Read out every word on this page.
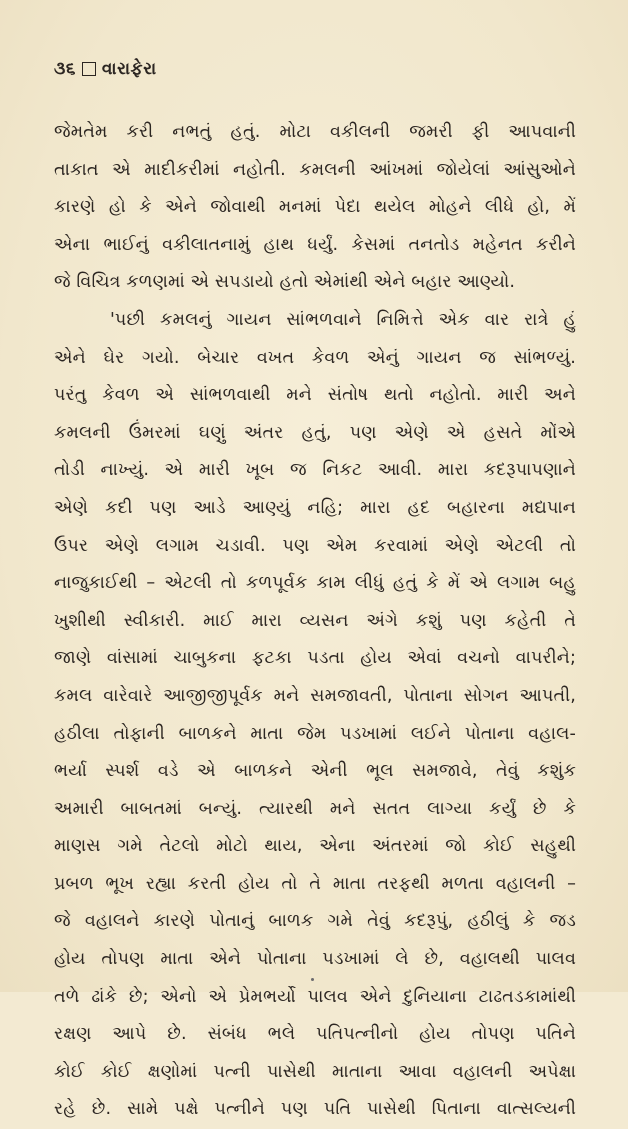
૩૬ વારાફેરા
જેમતેમ કરી નભતું હતું. મોટા વકીલની જમરી ફી આપવાની
તાકાત એ માદીકરીમાં નહોતી. કમલની આંખમાં જોયેલાં આંસુઓને
કારણે હો કે એને જોવાથી મનમાં પેદા થયેલ મોહને લીધે હો, મેં
એના ભાઈનું વકીલાતનામું હાથ ધર્યું. કેસમાં તનતોડ મહેનત કરીને
જે વિચિત્ર કળણમાં એ સપડાયો હતો એમાંથી એને બહાર આણ્યો.
'પછી કમલનું ગાયન સાંભળવાને નિમિત્તે એક વાર રાત્રે હું
એને ઘેર ગયો. બેચાર વખત કેવળ એનું ગાયન જ સાંભળ્યું.
પરંતુ કેવળ એ સાંભળવાથી મને સંતોષ થતો નહોતો. મારી અને
કમલની ઉંમરમાં ઘણું અંતર હતું, પણ એણે એ હસતે મોંએ
તોડી નાખ્યું. એ મારી ખૂબ જ નિકટ આવી. મારા કદરૂપાપણાને
એણે કદી પણ આડે આણ્યું નહિ; મારા હદ બહારના મદ્યપાન
ઉપર એણે લગામ ચડાવી. પણ એમ કરવામાં એણે એટલી તો
નાજુકાઈથી – એટલી તો કળપૂર્વક કામ લીધું હતું કે મેં એ લગામ બહુ
ખુશીથી સ્વીકારી. માઈ મારા વ્યસન અંગે કશું પણ કહેતી તે
જાણે વાંસામાં ચાબુકના ફટકા પડતા હોય એવાં વચનો વાપરીને;
કમલ વારેવારે આજીજીપૂર્વક મને સમજાવતી, પોતાના સોગન આપતી,
હઠીલા તોફાની બાળકને માતા જેમ પડખામાં લઈને પોતાના વહાલ-
ભર્યા સ્પર્શ વડે એ બાળકને એની ભૂલ સમજાવે, તેવું કશુંક
અમારી બાબતમાં બન્યું. ત્યારથી મને સતત લાગ્યા કર્યું છે કે
માણસ ગમે તેટલો મોટો થાય, એના અંતરમાં જો કોઈ સહુથી
પ્રબળ ભૂખ રહ્યા કરતી હોય તો તે માતા તરફથી મળતા વહાલની –
જે વહાલને કારણે પોતાનું બાળક ગમે તેવું કદરૂપું, હઠીલું કે જડ
હોય તોપણ માતા એને પોતાના પડખામાં લે છે, વહાલથી પાલવ
તળે ઢાંકે છે; એનો એ પ્રેમભર્યો પાલવ એને દુનિયાના ટાઢતડકામાંથી
રક્ષણ આપે છે. સંબંધ ભલે પતિપત્નીનો હોય તોપણ પતિને
કોઈ કોઈ ક્ષણોમાં પત્ની પાસેથી માતાના આવા વહાલની અપેક્ષા
રહે છે. સામે પક્ષે પત્નીને પણ પતિ પાસેથી પિતાના વાત્સલ્યની
